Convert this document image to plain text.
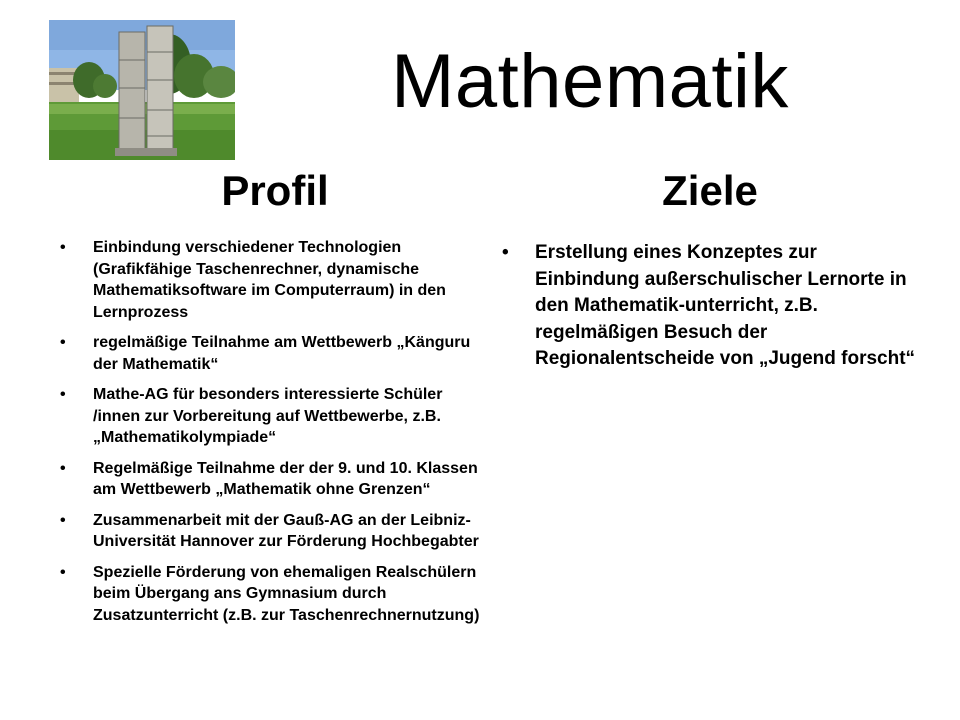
Mathematik
Profil	Ziele
• Einbindung verschiedener Technologien (Grafikfähige Taschenrechner, dynamische Mathematiksoftware im Computerraum) in den Lernprozess
• regelmäßige Teilnahme am Wettbewerb „Känguru der Mathematik“
• Mathe-AG für besonders interessierte Schüler /innen zur Vorbereitung auf Wettbewerbe, z.B. „Mathematikolympiade“
• Regelmäßige Teilnahme der der 9. und 10. Klassen am Wettbewerb „Mathematik ohne Grenzen“
• Zusammenarbeit mit der Gauß-AG an der Leibniz-Universität Hannover zur Förderung Hochbegabter
• Spezielle Förderung von ehemaligen Realschülern beim Übergang ans Gymnasium durch Zusatzunterricht (z.B. zur Taschenrechnernutzung)
• Erstellung eines Konzeptes zur Einbindung außerschulischer Lernorte in den Mathematik-unterricht, z.B. regelmäßigen Besuch der Regionalentscheide von „Jugend forscht“
